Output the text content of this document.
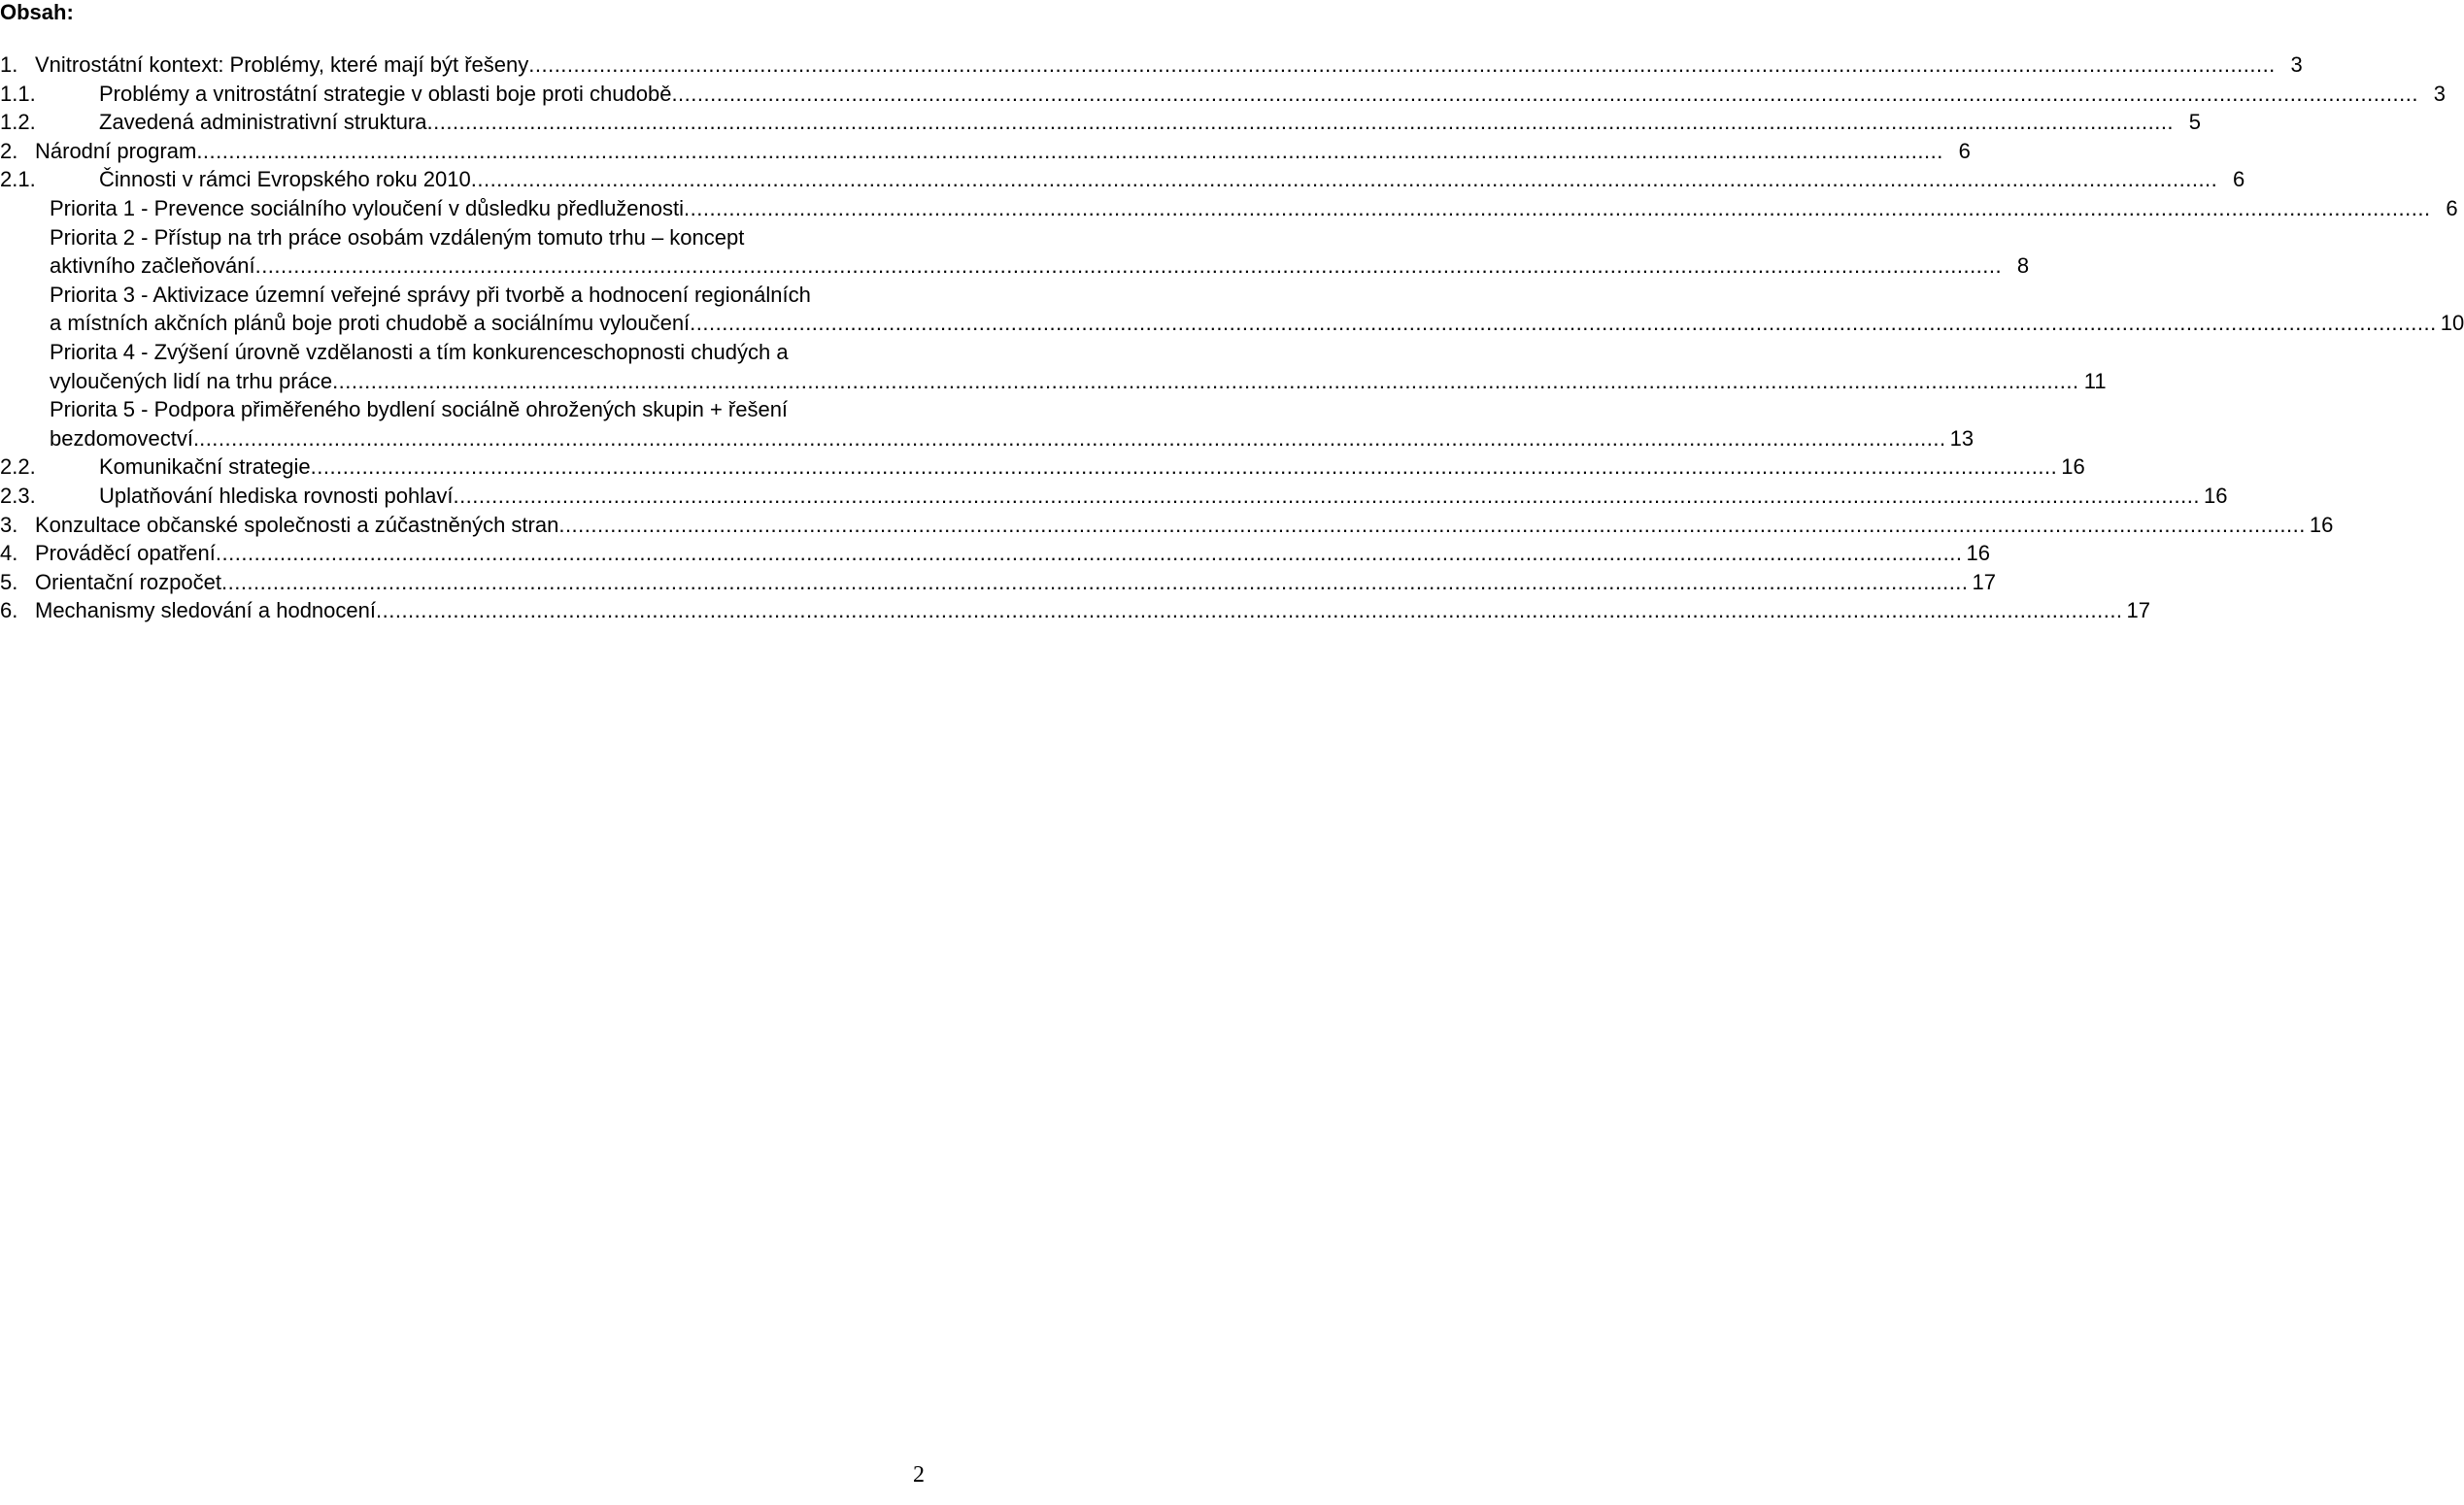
Obsah:
1. Vnitrostátní kontext: Problémy, které mají být řešeny .....	3
1.1.	Problémy a vnitrostátní strategie v oblasti boje proti chudobě .....	3
1.2.	Zavedená administrativní struktura .....	5
2. Národní program .....	6
2.1.	Činnosti v rámci Evropského roku 2010 .....	6
Priorita 1 - Prevence sociálního vyloučení v důsledku předluženosti .....	6
Priorita 2 - Přístup na trh práce osobám vzdáleným tomuto trhu – koncept
aktivního začleňování .....	8
Priorita 3 - Aktivizace územní veřejné správy při tvorbě a hodnocení regionálních
a místních akčních plánů boje proti chudobě a sociálnímu vyloučení .....	10
Priorita 4 - Zvýšení úrovně vzdělanosti a tím konkurenceschopnosti chudých a
vyloučených lidí na trhu práce .....	11
Priorita 5 - Podpora přiměřeného bydlení sociálně ohrožených skupin + řešení
bezdomovectví. .....	13
2.2.	Komunikační strategie .....	16
2.3.	Uplatňování hlediska rovnosti pohlaví .....	16
3. Konzultace občanské společnosti a zúčastněných stran .....	16
4. Prováděcí opatření .....	16
5. Orientační rozpočet .....	17
6. Mechanismy sledování a hodnocení .....	17
2
